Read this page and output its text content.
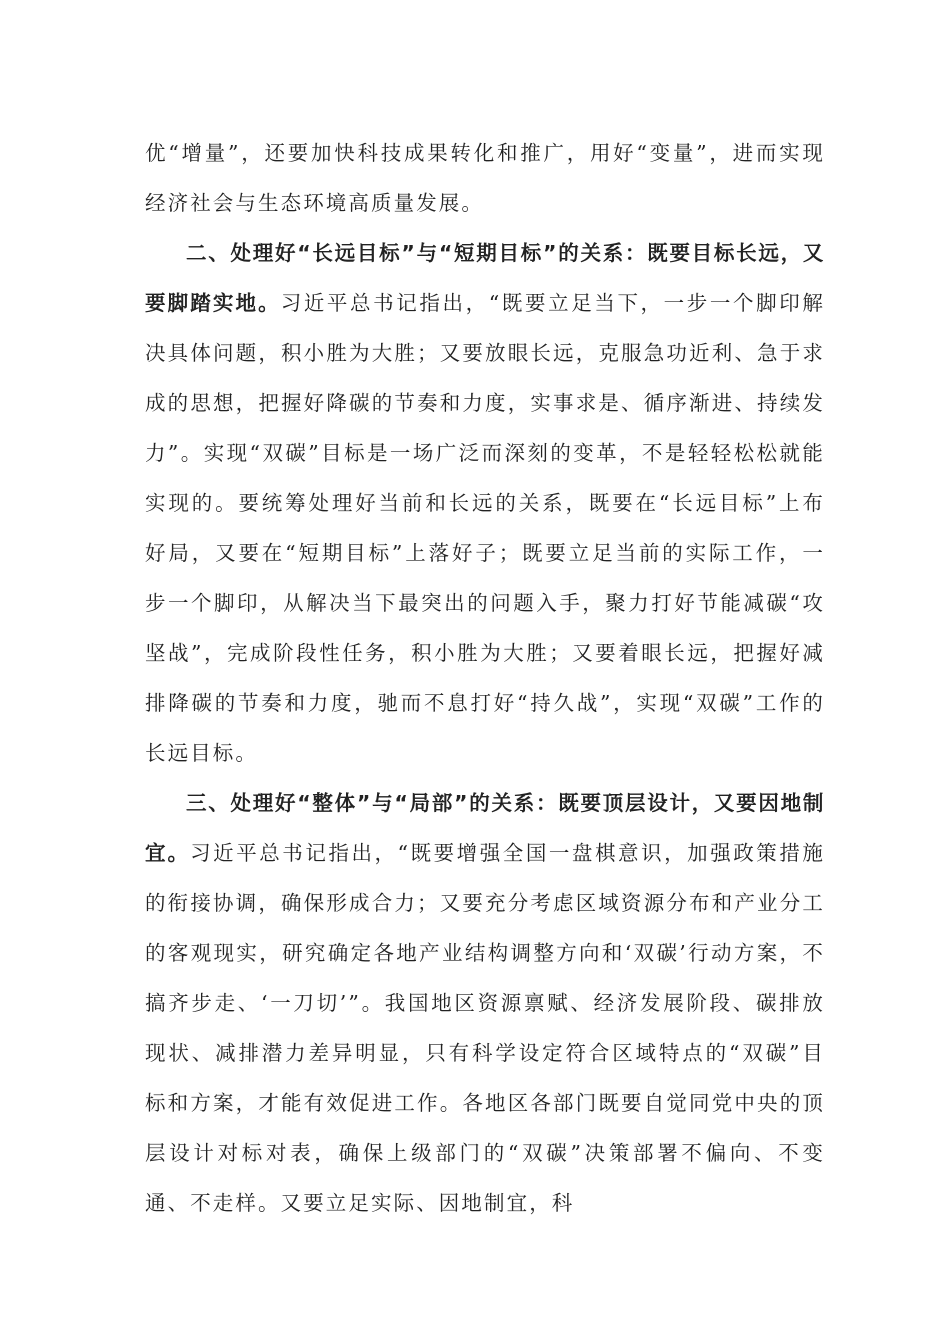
优“增量”，还要加快科技成果转化和推广，用好“变量”，进而实现经济社会与生态环境高质量发展。

二、处理好“长远目标”与“短期目标”的关系：既要目标长远，又要脚踏实地。习近平总书记指出，“既要立足当下，一步一个脚印解决具体问题，积小胜为大胜；又要放眼长远，克服急功近利、急于求成的思想，把握好降碳的节奏和力度，实事求是、循序渐进、持续发力”。实现“双碳”目标是一场广泛而深刻的变革，不是轻轻松松就能实现的。要统筹处理好当前和长远的关系，既要在“长远目标”上布好局，又要在“短期目标”上落好子；既要立足当前的实际工作，一步一个脚印，从解决当下最突出的问题入手，聚力打好节能减碳“攻坚战”，完成阶段性任务，积小胜为大胜；又要着眼长远，把握好减排降碳的节奏和力度，驰而不息打好“持久战”，实现“双碳”工作的长远目标。

三、处理好“整体”与“局部”的关系：既要顶层设计，又要因地制宜。习近平总书记指出，“既要增强全国一盘棋意识，加强政策措施的衔接协调，确保形成合力；又要充分考虑区域资源分布和产业分工的客观现实，研究确定各地产业结构调整方向和‘双碳’行动方案，不搞齐步走、‘一刀切’”。我国地区资源禀赋、经济发展阶段、碳排放现状、减排潜力差异明显，只有科学设定符合区域特点的“双碳”目标和方案，才能有效促进工作。各地区各部门既要自觉同党中央的顶层设计对标对表，确保上级部门的“双碳”决策部署不偏向、不变通、不走样。又要立足实际、因地制宜，科
